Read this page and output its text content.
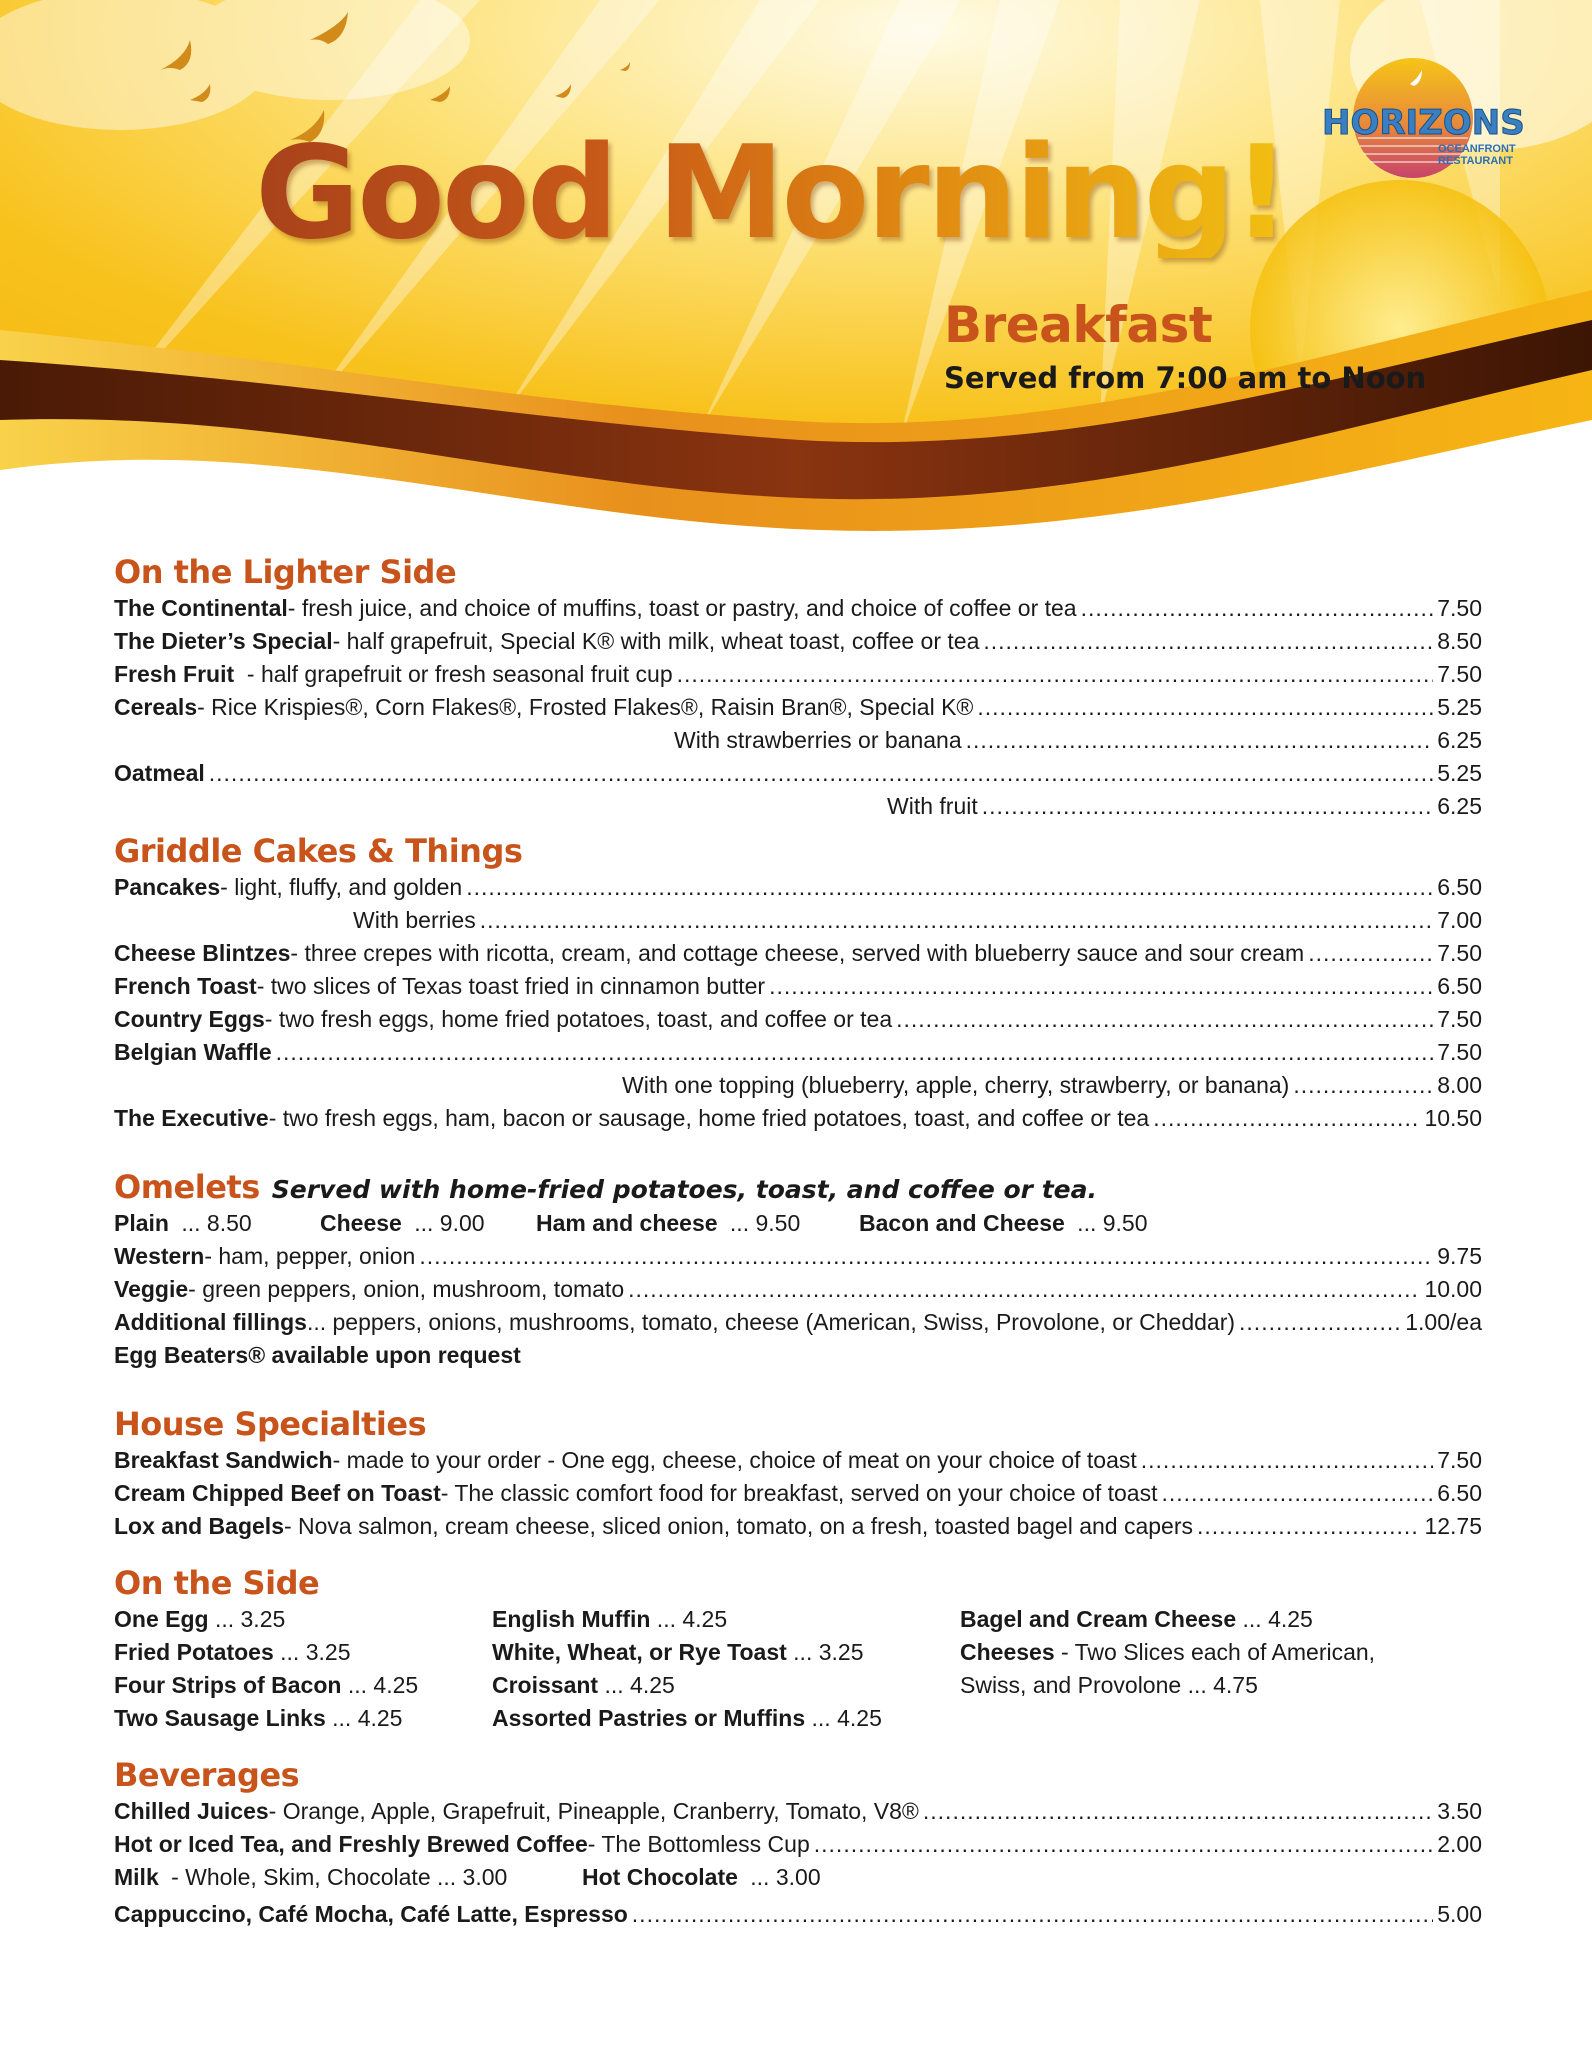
Good Morning!
Breakfast
Served from 7:00 am to Noon
HORIZONS
OCEANFRONT
RESTAURANT
On the Lighter Side
The Continental - fresh juice, and choice of muffins, toast or pastry, and choice of coffee or tea .....	7.50
The Dieter’s Special - half grapefruit, Special K® with milk, wheat toast, coffee or tea .....	8.50
Fresh Fruit - half grapefruit or fresh seasonal fruit cup .....	7.50
Cereals - Rice Krispies®, Corn Flakes®, Frosted Flakes®, Raisin Bran®, Special K® .....	5.25
With strawberries or banana .....	6.25
Oatmeal .....	5.25
With fruit .....	6.25
Griddle Cakes & Things
Pancakes - light, fluffy, and golden .....	6.50
With berries .....	7.00
Cheese Blintzes - three crepes with ricotta, cream, and cottage cheese, served with blueberry sauce and sour cream .....	7.50
French Toast - two slices of Texas toast fried in cinnamon butter .....	6.50
Country Eggs - two fresh eggs, home fried potatoes, toast, and coffee or tea .....	7.50
Belgian Waffle .....	7.50
With one topping (blueberry, apple, cherry, strawberry, or banana) .....	8.00
The Executive - two fresh eggs, ham, bacon or sausage, home fried potatoes, toast, and coffee or tea .....	10.50
Omelets Served with home-fried potatoes, toast, and coffee or tea.
Plain ... 8.50	Cheese ... 9.00	Ham and cheese ... 9.50	Bacon and Cheese ... 9.50
Western - ham, pepper, onion .....	9.75
Veggie - green peppers, onion, mushroom, tomato .....	10.00
Additional fillings ... peppers, onions, mushrooms, tomato, cheese (American, Swiss, Provolone, or Cheddar) .....	1.00/ea
Egg Beaters® available upon request
House Specialties
Breakfast Sandwich - made to your order - One egg, cheese, choice of meat on your choice of toast .....	7.50
Cream Chipped Beef on Toast - The classic comfort food for breakfast, served on your choice of toast .....	6.50
Lox and Bagels - Nova salmon, cream cheese, sliced onion, tomato, on a fresh, toasted bagel and capers .....	12.75
On the Side
One Egg ... 3.25
Fried Potatoes ... 3.25
Four Strips of Bacon ... 4.25
Two Sausage Links ... 4.25
English Muffin ... 4.25
White, Wheat, or Rye Toast ... 3.25
Croissant ... 4.25
Assorted Pastries or Muffins ... 4.25
Bagel and Cream Cheese ... 4.25
Cheeses - Two Slices each of American,
Swiss, and Provolone ... 4.75
Beverages
Chilled Juices - Orange, Apple, Grapefruit, Pineapple, Cranberry, Tomato, V8® .....	3.50
Hot or Iced Tea, and Freshly Brewed Coffee - The Bottomless Cup .....	2.00
Milk - Whole, Skim, Chocolate ... 3.00	Hot Chocolate ... 3.00
Cappuccino, Café Mocha, Café Latte, Espresso .....	5.00
